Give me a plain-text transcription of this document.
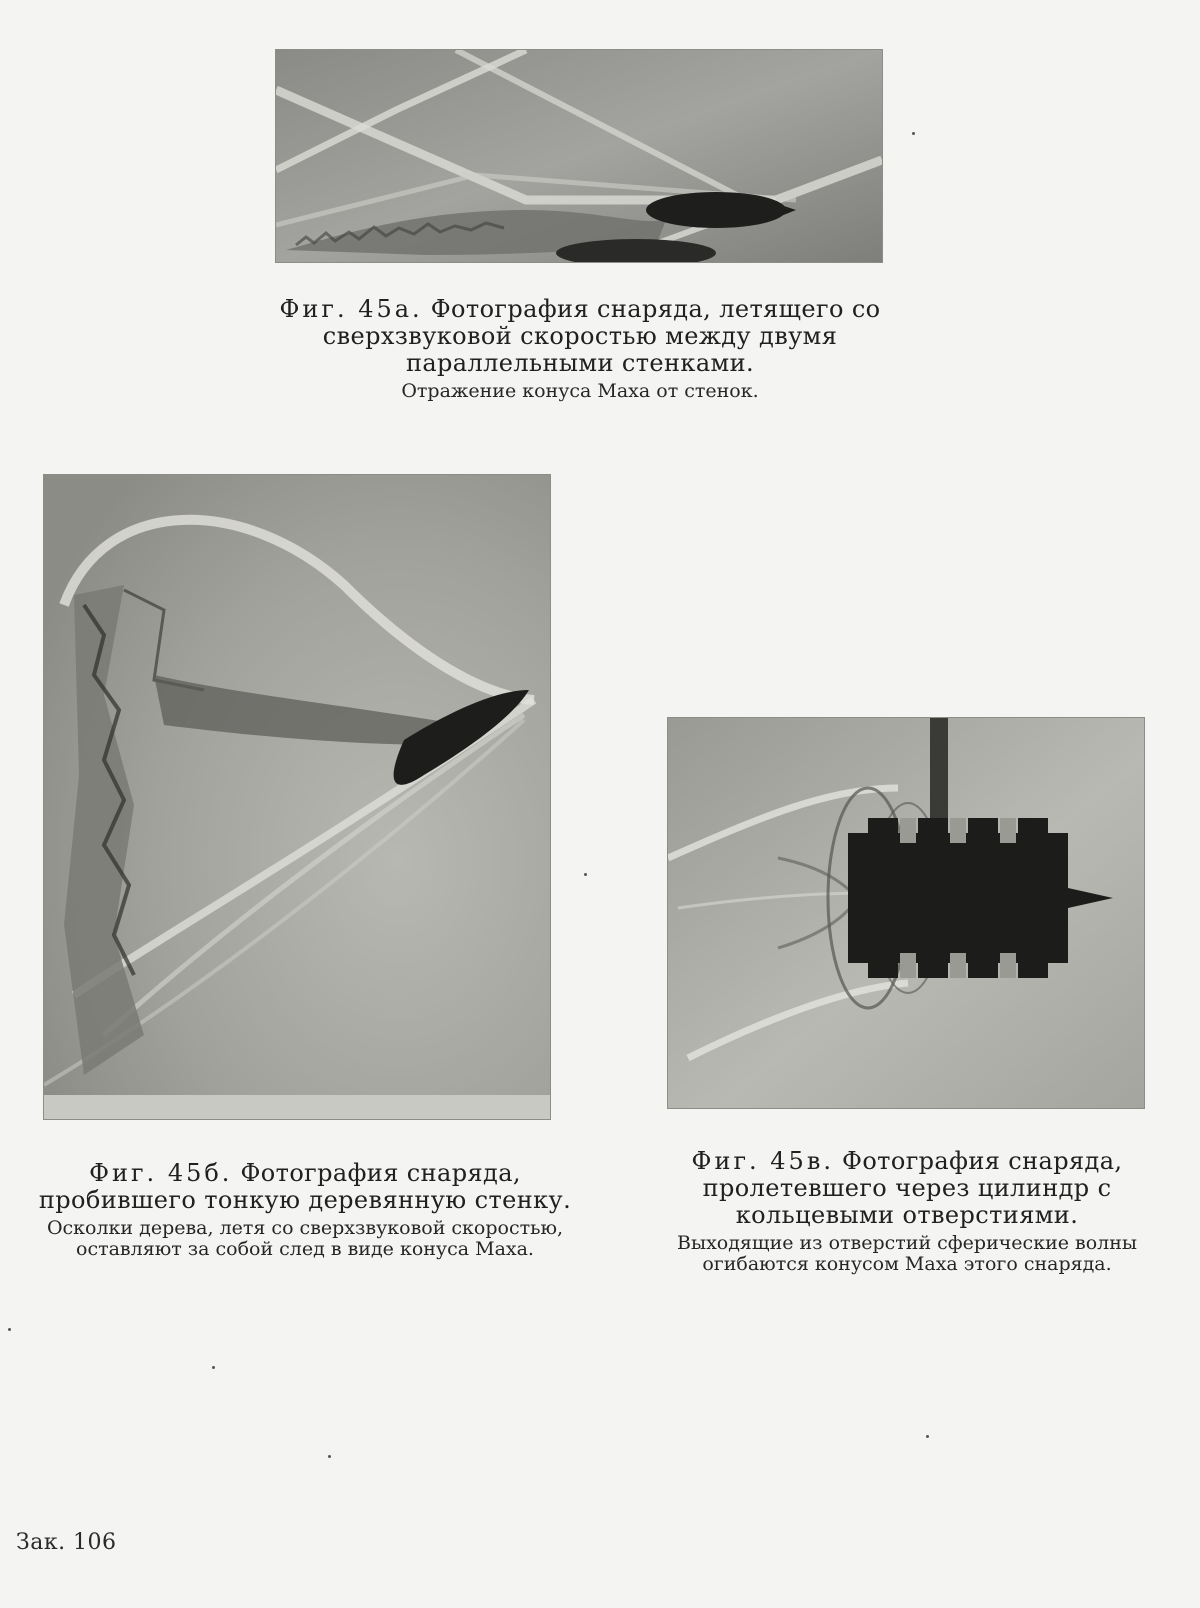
Фиг. 45а. Фотография снаряда, летящего со сверхзвуковой скоростью между двумя параллельными стенками.
Отражение конуса Маха от стенок.
Фиг. 45б. Фотография снаряда, пробившего тонкую деревянную стенку.
Осколки дерева, летя со сверхзвуковой скоростью, оставляют за собой след в виде конуса Маха.
Фиг. 45в. Фотография снаряда, пролетевшего через цилиндр с кольцевыми отверстиями.
Выходящие из отверстий сферические волны огибаются конусом Маха этого снаряда.
Зак. 106
